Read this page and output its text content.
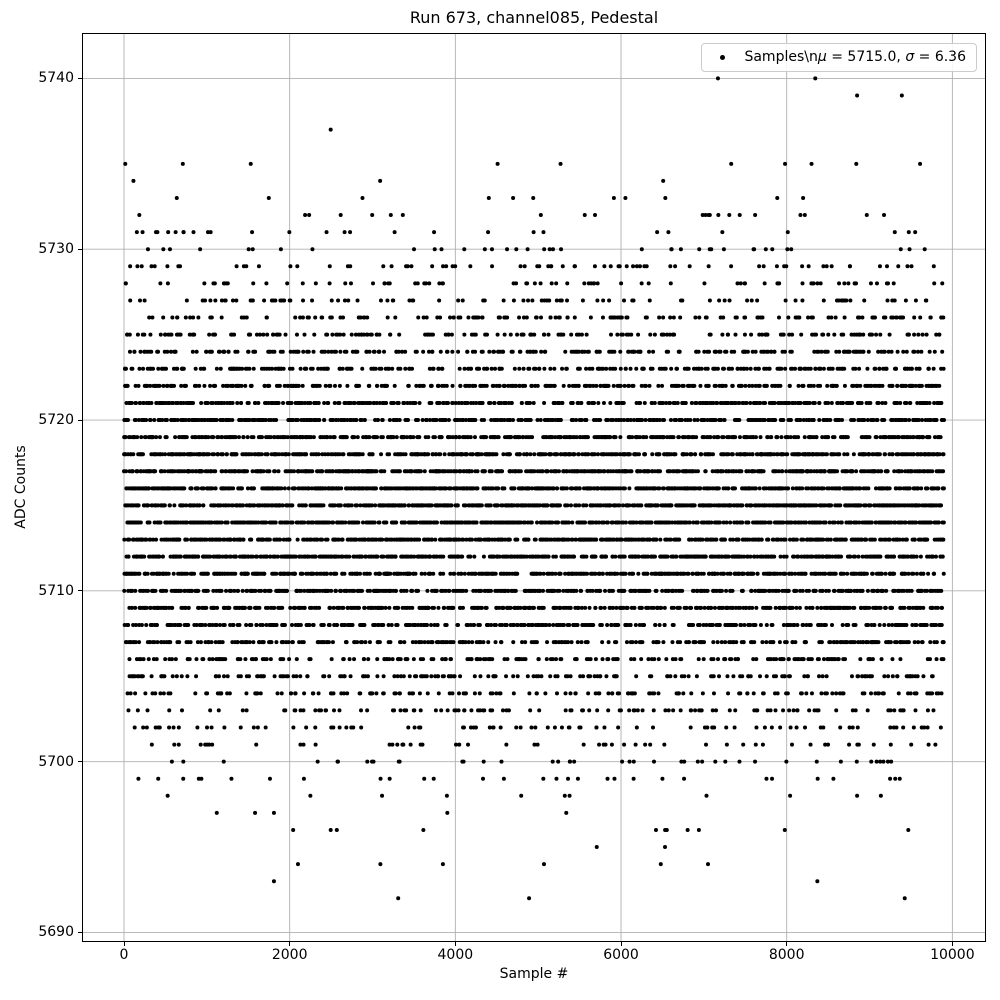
Run 673, channel085, Pedestal
Samples\nμ = 5715.0, σ = 6.36
Sample #
ADC Counts
0	2000	4000	6000	8000	10000
5690
5700
5710
5720
5730
5740
